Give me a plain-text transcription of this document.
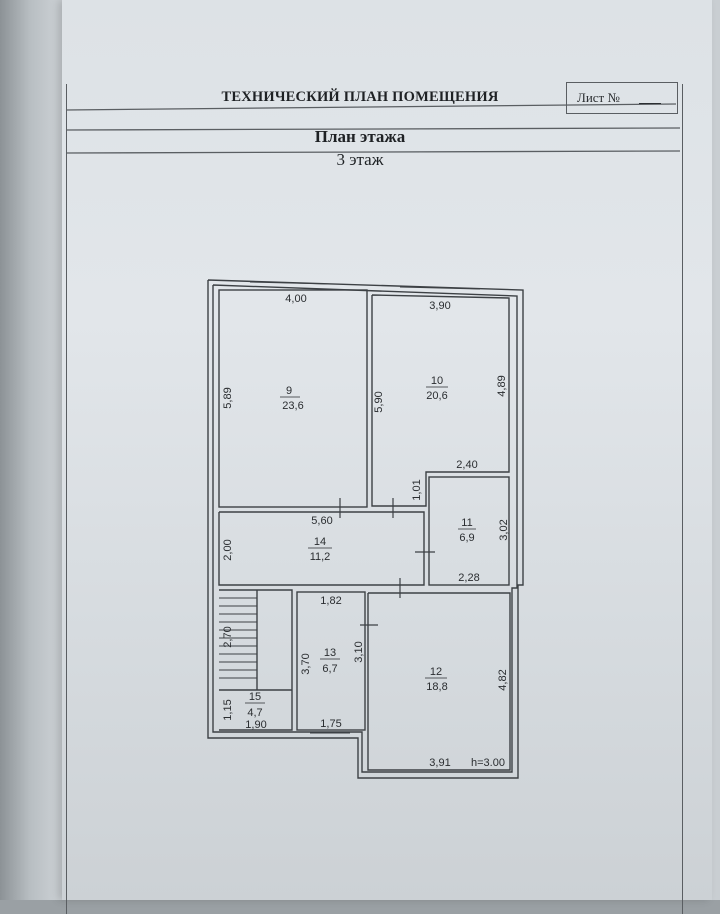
Лист №
ТЕХНИЧЕСКИЙ ПЛАН ПОМЕЩЕНИЯ
План этажа
3 этаж
9
23,6
10
20,6
11
6,9
12
18,8
13
6,7
14
11,2
15
4,7
4,00
5,89
3,90
5,90
4,89
2,40
1,01
3,02
2,28
5,60
2,00
1,82
3,70
3,10
1,75
2,70
1,15
1,90
4,82
3,91 h=3.00
